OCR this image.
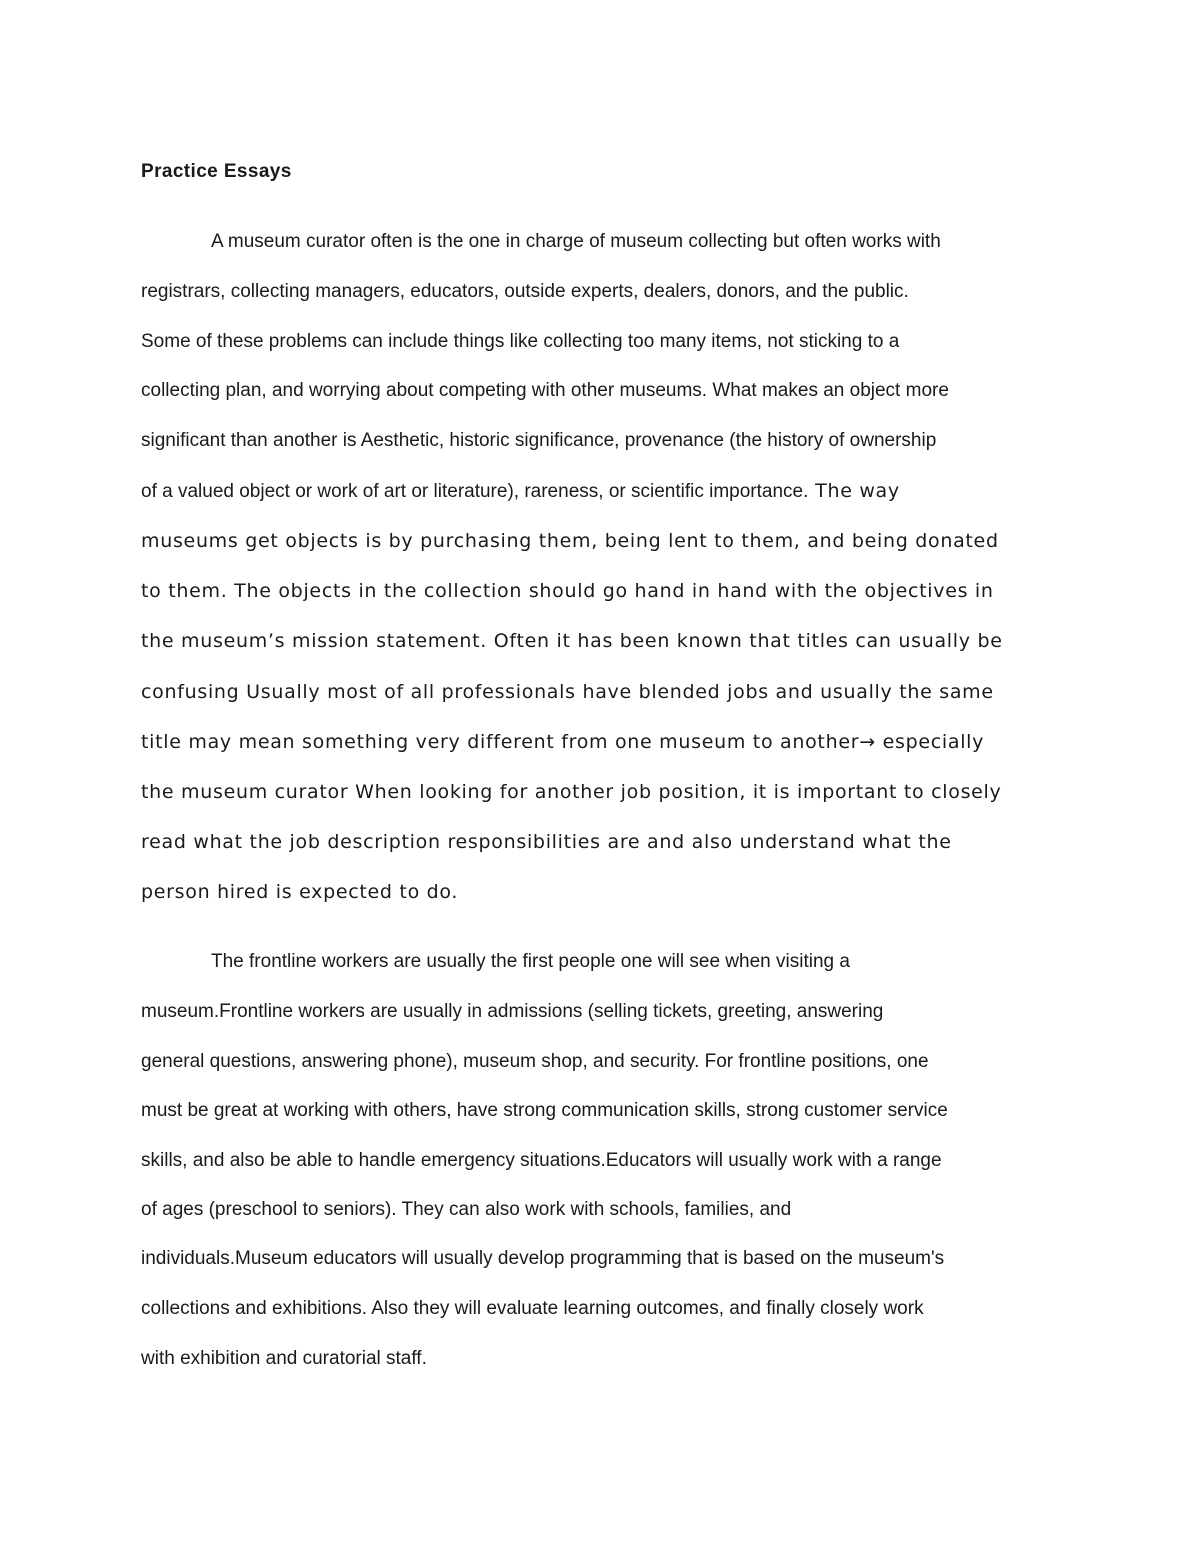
Practice Essays

A museum curator often is the one in charge of museum collecting but often works with

registrars, collecting managers, educators, outside experts, dealers, donors, and the public.

Some of these problems can include things like collecting too many items, not sticking to a

collecting plan, and worrying about competing with other museums. What makes an object more

significant than another is Aesthetic, historic significance, provenance (the history of ownership

of a valued object or work of art or literature), rareness, or scientific importance. The way

museums get objects is by purchasing them, being lent to them, and being donated

to them. The objects in the collection should go hand in hand with the objectives in

the museum’s mission statement. Often it has been known that titles can usually be

confusing Usually most of all professionals have blended jobs and usually the same

title may mean something very different from one museum to another→ especially

the museum curator When looking for another job position, it is important to closely

read what the job description responsibilities are and also understand what the

person hired is expected to do.

The frontline workers are usually the first people one will see when visiting a

museum.Frontline workers are usually in admissions (selling tickets, greeting, answering

general questions, answering phone), museum shop, and security. For frontline positions, one

must be great at working with others, have strong communication skills, strong customer service

skills, and also be able to handle emergency situations.Educators will usually work with a range

of ages (preschool to seniors). They can also work with schools, families, and

individuals.Museum educators will usually develop programming that is based on the museum's

collections and exhibitions. Also they will evaluate learning outcomes, and finally closely work

with exhibition and curatorial staff.
